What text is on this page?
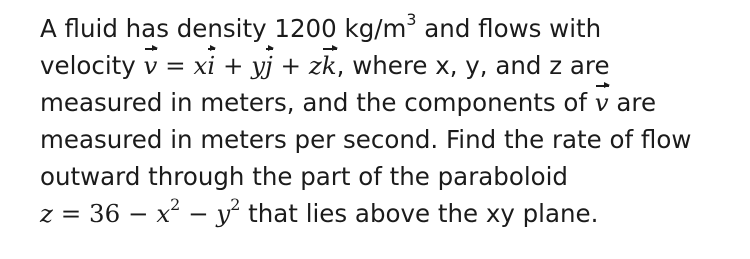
A fluid has density 1200 $kg/m^3$ and flows with
velocity v = xi + yj + zk, where x, y, and z are
measured in meters, and the components of v are
measured in meters per second. Find the rate of flow
outward through the part of the paraboloid
$z = 36 - x^2 - y^2$ that lies above the xy plane.
